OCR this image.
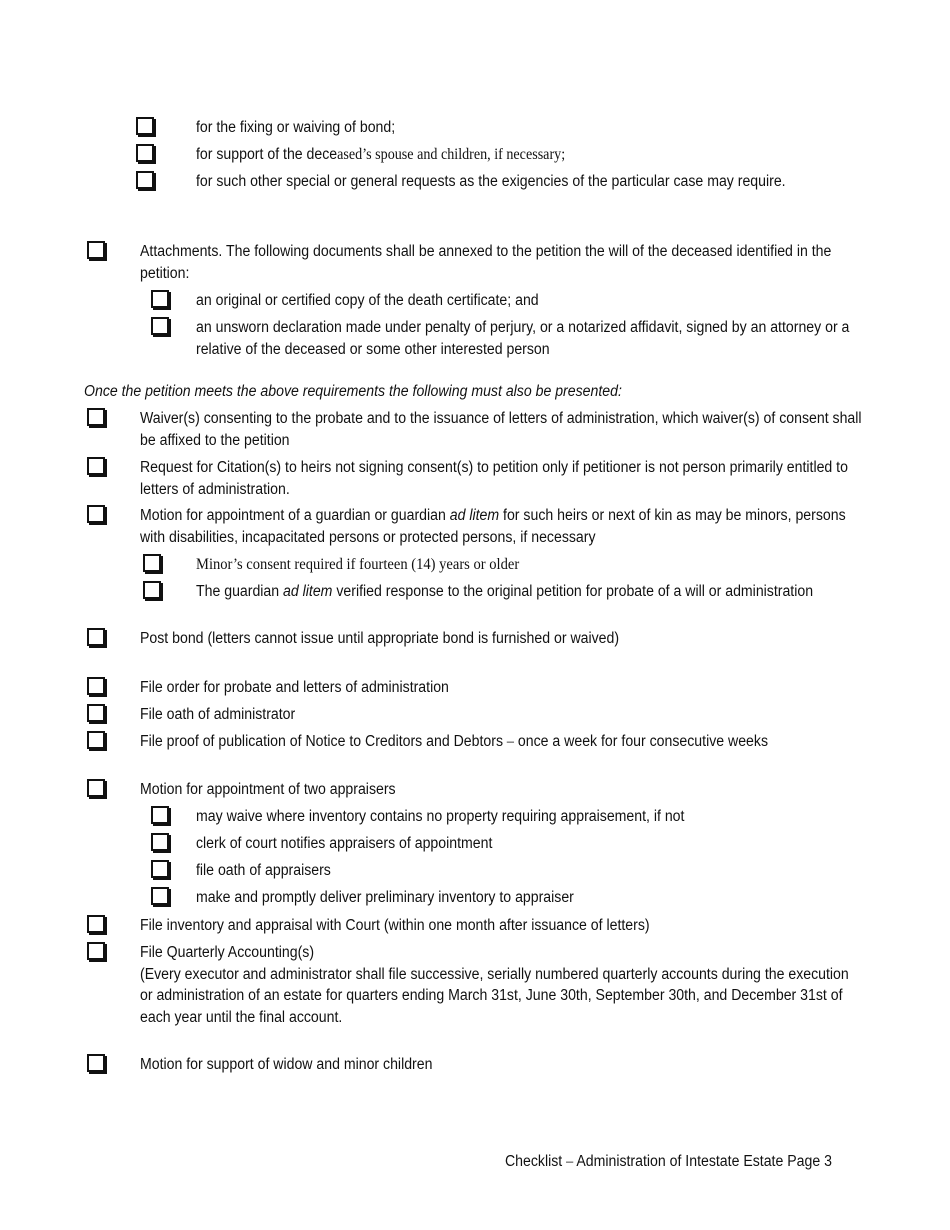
for the fixing or waiving of bond;
for support of the deceased’s spouse and children, if necessary;
for such other special or general requests as the exigencies of the particular case may require.
Attachments. The following documents shall be annexed to the petition the will of the deceased identified in the petition:
an original or certified copy of the death certificate; and
an unsworn declaration made under penalty of perjury, or a notarized affidavit, signed by an attorney or a relative of the deceased or some other interested person
Once the petition meets the above requirements the following must also be presented:
Waiver(s) consenting to the probate and to the issuance of letters of administration, which waiver(s) of consent shall be affixed to the petition
Request for Citation(s) to heirs not signing consent(s) to petition only if petitioner is not person primarily entitled to letters of administration.
Motion for appointment of a guardian or guardian ad litem for such heirs or next of kin as may be minors, persons with disabilities, incapacitated persons or protected persons, if necessary
Minor’s consent required if fourteen (14) years or older
The guardian ad litem verified response to the original petition for probate of a will or administration
Post bond (letters cannot issue until appropriate bond is furnished or waived)
File order for probate and letters of administration
File oath of administrator
File proof of publication of Notice to Creditors and Debtors – once a week for four consecutive weeks
Motion for appointment of two appraisers
may waive where inventory contains no property requiring appraisement, if not
clerk of court notifies appraisers of appointment
file oath of appraisers
make and promptly deliver preliminary inventory to appraiser
File inventory and appraisal with Court (within one month after issuance of letters)
File Quarterly Accounting(s)
(Every executor and administrator shall file successive, serially numbered quarterly accounts during the execution or administration of an estate for quarters ending March 31st, June 30th, September 30th, and December 31st of each year until the final account.
Motion for support of widow and minor children
Checklist – Administration of Intestate Estate Page 3
